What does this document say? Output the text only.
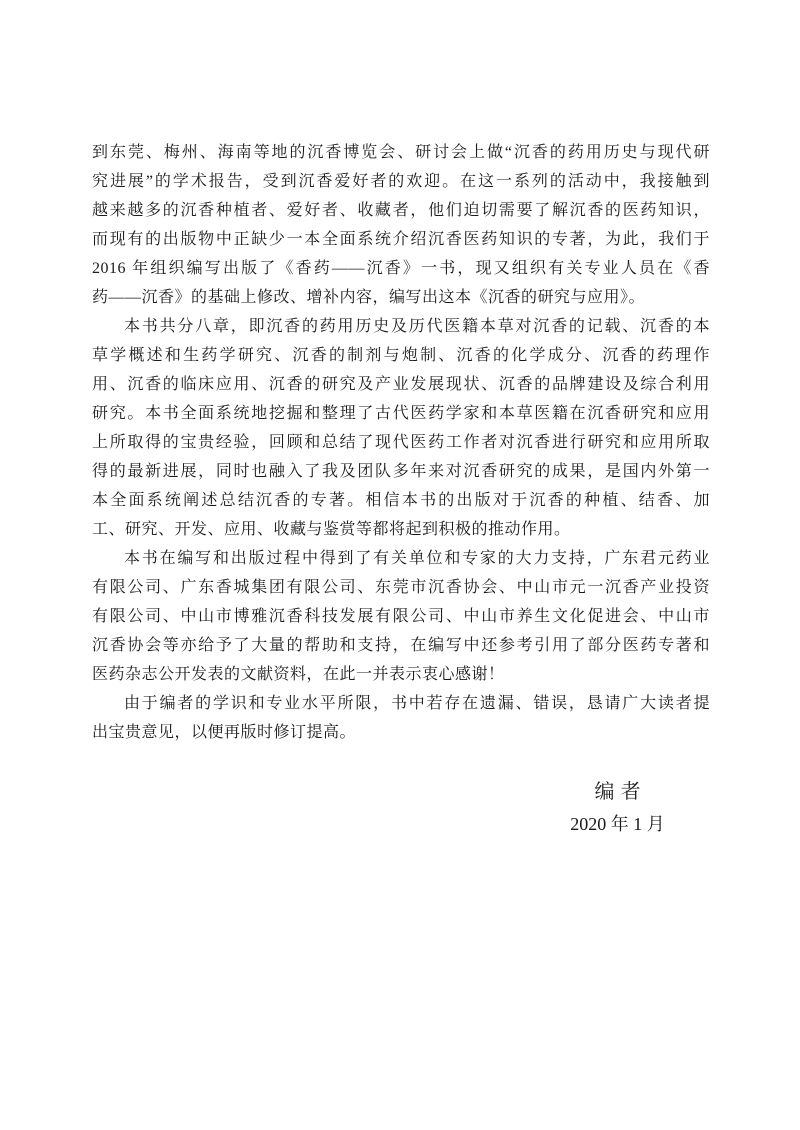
到东莞、梅州、海南等地的沉香博览会、研讨会上做“沉香的药用历史与现代研
究进展”的学术报告，受到沉香爱好者的欢迎。在这一系列的活动中，我接触到
越来越多的沉香种植者、爱好者、收藏者，他们迫切需要了解沉香的医药知识，
而现有的出版物中正缺少一本全面系统介绍沉香医药知识的专著，为此，我们于
2016 年组织编写出版了《香药——沉香》一书，现又组织有关专业人员在《香
药——沉香》的基础上修改、增补内容，编写出这本《沉香的研究与应用》。
本书共分八章，即沉香的药用历史及历代医籍本草对沉香的记载、沉香的本
草学概述和生药学研究、沉香的制剂与炮制、沉香的化学成分、沉香的药理作
用、沉香的临床应用、沉香的研究及产业发展现状、沉香的品牌建设及综合利用
研究。本书全面系统地挖掘和整理了古代医药学家和本草医籍在沉香研究和应用
上所取得的宝贵经验，回顾和总结了现代医药工作者对沉香进行研究和应用所取
得的最新进展，同时也融入了我及团队多年来对沉香研究的成果，是国内外第一
本全面系统阐述总结沉香的专著。相信本书的出版对于沉香的种植、结香、加
工、研究、开发、应用、收藏与鉴赏等都将起到积极的推动作用。
本书在编写和出版过程中得到了有关单位和专家的大力支持，广东君元药业
有限公司、广东香城集团有限公司、东莞市沉香协会、中山市元一沉香产业投资
有限公司、中山市博雅沉香科技发展有限公司、中山市养生文化促进会、中山市
沉香协会等亦给予了大量的帮助和支持，在编写中还参考引用了部分医药专著和
医药杂志公开发表的文献资料，在此一并表示衷心感谢！
由于编者的学识和专业水平所限，书中若存在遗漏、错误，恳请广大读者提
出宝贵意见，以便再版时修订提高。
编者
2020 年 1 月
